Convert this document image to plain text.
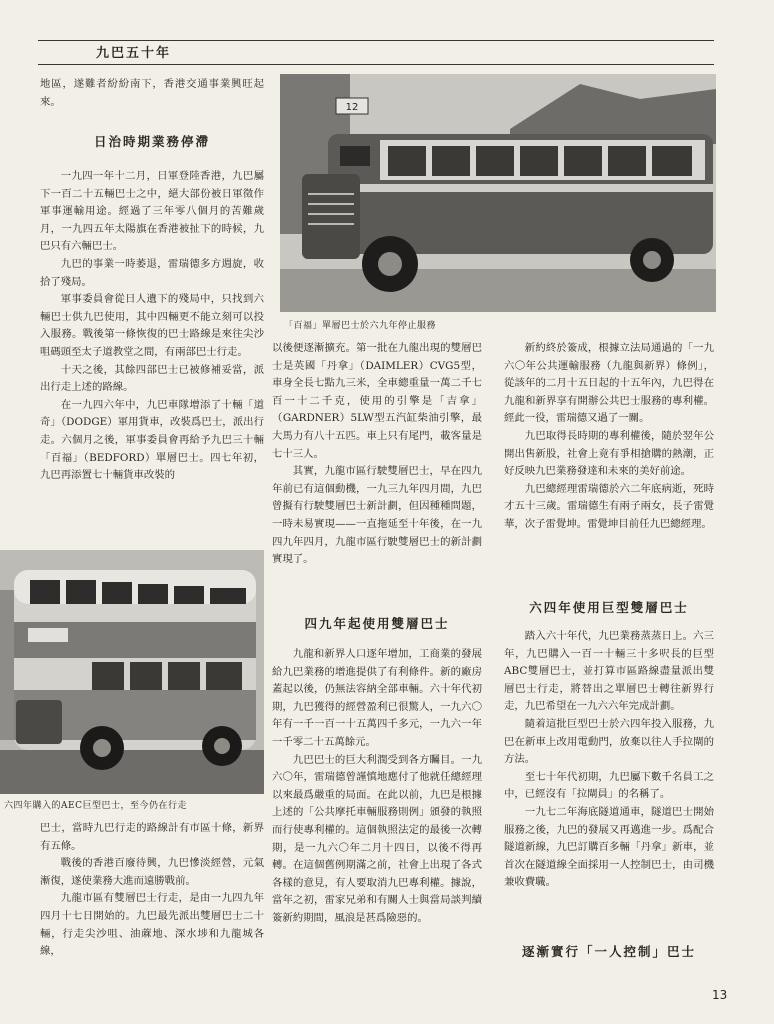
九巴五十年

地區，遂難者紛紛南下，香港交通事業興旺起來。

日治時期業務停滯

一九四一年十二月，日軍登陸香港，九巴屬下一百二十五輛巴士之中，絕大部份被日軍徵作軍事運輸用途。經過了三年零八個月的苦難歲月，一九四五年太陽旗在香港被扯下的時候，九巴只有六輛巴士。

九巴的事業一時萎退，雷瑞德多方週旋，收拾了殘局。

軍事委員會從日人遺下的殘局中，只找到六輛巴士供九巴使用，其中四輛更不能立刻可以投入服務。戰後第一條恢復的巴士路線是來往尖沙咀碼頭至太子道教堂之間，有兩部巴士行走。

十天之後，其餘四部巴士已被修補妥當，派出行走上述的路線。

在一九四六年中，九巴車隊增添了十輛「道奇」（DODGE）軍用貨車，改裝爲巴士，派出行走。六個月之後，軍事委員會再給予九巴三十輛「百福」（BEDFORD）單層巴士。四七年初，九巴再添置七十輛貨車改裝的

12
「百福」單層巴士於六九年停止服務
六四年購入的AEC巨型巴士，至今仍在行走

巴士，當時九巴行走的路線計有市區十條，新界有五條。

戰後的香港百廢待興，九巴慘淡經營，元氣漸復，遂使業務大進而遠勝戰前。

九龍市區有雙層巴士行走，是由一九四九年四月十七日開始的。九巴最先派出雙層巴士二十輛，行走尖沙咀、油蔴地、深水埗和九龍城各線，

以後便逐漸擴充。第一批在九龍出現的雙層巴士是英國「丹拿」（DAIMLER）CVG5型，車身全長七點九三米，全車總重量一萬二千七百一十二千克，使用的引擎是「吉拿」（GARDNER）5LW型五汽缸柴油引擎，最大馬力有八十五匹。車上只有尾門，載客量是七十三人。

其實，九龍市區行駛雙層巴士，早在四九年前已有這個動機，一九三九年四月間，九巴曾擬有行駛雙層巴士新計劃，但因種種問題，一時未易實現——一直拖延至十年後，在一九四九年四月，九龍市區行駛雙層巴士的新計劃實現了。

四九年起使用雙層巴士

九龍和新界人口逐年增加，工商業的發展給九巴業務的增進提供了有利條件。新的廠房蓋起以後，仍無法容納全部車輛。六十年代初期，九巴獲得的經營盈利已很驚人，一九六〇年有一千一百一十五萬四千多元，一九六一年一千零二十五萬餘元。

九巴巴士的巨大利潤受到各方矚目。一九六〇年，雷瑞德曾謹慎地應付了他就任總經理以來最爲嚴重的局面。在此以前，九巴是根據上述的「公共摩托車輛服務則例」頒發的執照而行使專利權的。這個執照法定的最後一次轉期，是一九六〇年二月十四日，以後不得再轉。在這個舊例期滿之前，社會上出現了各式各樣的意見，有人要取消九巴專利權。據說，當年之初，雷家兄弟和有關人士與當局談判續簽新約期間，風浪是甚爲險惡的。

新約終於簽成，根據立法局通過的「一九六〇年公共運輸服務（九龍與新界）條例」，從該年的二月十五日起的十五年內，九巴得在九龍和新界享有開辦公共巴士服務的專利權。經此一役，雷瑞德又過了一關。

九巴取得長時期的專利權後，隨於翌年公開出售新股，社會上竟有爭相搶購的熱潮，正好反映九巴業務發達和未來的美好前途。

九巴總經理雷瑞德於六二年底病逝，死時才五十三歲。雷瑞德生有兩子兩女，長子雷覺華，次子雷覺坤。雷覺坤目前任九巴總經理。

六四年使用巨型雙層巴士

踏入六十年代，九巴業務蒸蒸日上。六三年，九巴購入一百一十輛三十多呎長的巨型ABC雙層巴士，並打算市區路線盡量派出雙層巴士行走，將替出之單層巴士轉往新界行走，九巴希望在一九六六年完成計劃。

隨着這批巨型巴士於六四年投入服務，九巴在新車上改用電動門，放棄以往人手拉閘的方法。

至七十年代初期，九巴屬下數千名員工之中，已經沒有「拉閘員」的名稱了。

一九七二年海底隧道通車，隧道巴士開始服務之後，九巴的發展又再邁進一步。爲配合隧道新線，九巴訂購百多輛「丹拿」新車，並首次在隧道線全面採用一人控制巴士，由司機兼收費職。

逐漸實行「一人控制」巴士
13
